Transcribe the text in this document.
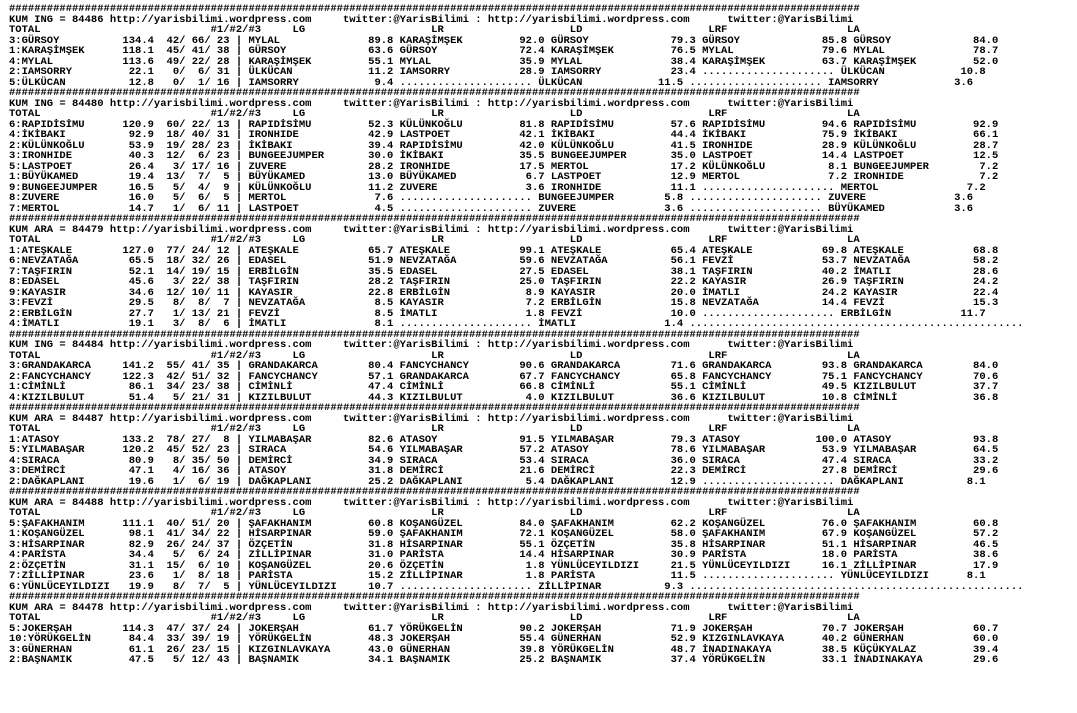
#######################################################################################################################################
KUM ING = 84486 http://yarisbilimi.wordpress.com     twitter:@YarisBilimi : http://yarisbilimi.wordpress.com      twitter:@YarisBilimi
TOTAL                           #1/#2/#3     LG                    LR                    LD                    LRF                   LA
3:GÜRSOY          134.4  42/ 66/ 23 | MYLAL              89.8 KARAŞİMŞEK         92.0 GÜRSOY             79.3 GÜRSOY             85.8 GÜRSOY             84.0
1:KARAŞİMŞEK      118.1  45/ 41/ 38 | GÜRSOY             63.6 GÜRSOY             72.4 KARAŞİMŞEK         76.5 MYLAL              79.6 MYLAL              78.7
4:MYLAL           113.6  49/ 22/ 28 | KARAŞİMŞEK         55.1 MYLAL              35.9 MYLAL              38.4 KARAŞİMŞEK         63.7 KARAŞİMŞEK         52.0
2:IAMSORRY         22.1   0/  6/ 31 | ÜLKÜCAN            11.2 IAMSORRY           28.9 IAMSORRY           23.4 ..................... ÜLKÜCAN            10.8
5:ÜLKÜCAN          12.8   0/  1/ 16 | IAMSORRY            9.4 ..................... ÜLKÜCAN            11.5 ..................... IAMSORRY            3.6
#######################################################################################################################################
KUM ING = 84480 http://yarisbilimi.wordpress.com     twitter:@YarisBilimi : http://yarisbilimi.wordpress.com      twitter:@YarisBilimi
TOTAL                           #1/#2/#3     LG                    LR                    LD                    LRF                   LA
6:RAPIDİSİMU      120.9  60/ 22/ 13 | RAPIDİSİMU         52.3 KÜLÜNKOĞLU         81.8 RAPIDİSİMU         57.6 RAPIDİSİMU         94.6 RAPIDİSİMU         92.9
4:İKİBAKI          92.9  18/ 40/ 31 | IRONHIDE           42.9 LASTPOET           42.1 İKİBAKI            44.4 İKİBAKI            75.9 İKİBAKI            66.1
2:KÜLÜNKOĞLU       53.9  19/ 28/ 23 | İKİBAKI            39.4 RAPIDİSİMU         42.0 KÜLÜNKOĞLU         41.5 IRONHIDE           28.9 KÜLÜNKOĞLU         28.7
3:IRONHIDE         40.3  12/  6/ 23 | BUNGEEJUMPER       30.0 İKİBAKI            35.5 BUNGEEJUMPER       35.0 LASTPOET           14.4 LASTPOET           12.5
5:LASTPOET         26.4   3/ 17/ 16 | ZUVERE             28.2 IRONHIDE           17.5 MERTOL             17.2 KÜLÜNKOĞLU          8.1 BUNGEEJUMPER        7.2
1:BÜYÜKAMED        19.4  13/  7/  5 | BÜYÜKAMED          13.0 BÜYÜKAMED           6.7 LASTPOET           12.9 MERTOL              7.2 IRONHIDE            7.2
9:BUNGEEJUMPER     16.5   5/  4/  9 | KÜLÜNKOĞLU         11.2 ZUVERE              3.6 IRONHIDE           11.1 ..................... MERTOL              7.2
8:ZUVERE           16.0   5/  6/  5 | MERTOL              7.6 ..................... BUNGEEJUMPER        5.8 ..................... ZUVERE              3.6
7:MERTOL           14.7   1/  6/ 11 | LASTPOET            4.5 ..................... ZUVERE              3.6 ..................... BÜYÜKAMED           3.6
#######################################################################################################################################
KUM ARA = 84479 http://yarisbilimi.wordpress.com     twitter:@YarisBilimi : http://yarisbilimi.wordpress.com      twitter:@YarisBilimi
TOTAL                           #1/#2/#3     LG                    LR                    LD                    LRF                   LA
1:ATEŞKALE        127.0  77/ 24/ 12 | ATEŞKALE           65.7 ATEŞKALE           99.1 ATEŞKALE           65.4 ATEŞKALE           69.8 ATEŞKALE           68.8
6:NEVZATAĞA        65.5  18/ 32/ 26 | EDASEL             51.9 NEVZATAĞA          59.6 NEVZATAĞA          56.1 FEVZİ              53.7 NEVZATAĞA          58.2
7:TAŞFIRIN         52.1  14/ 19/ 15 | ERBİLGİN           35.5 EDASEL             27.5 EDASEL             38.1 TAŞFIRIN           40.2 İMATLI             28.6
8:EDASEL           45.6   3/ 22/ 38 | TAŞFIRIN           28.2 TAŞFIRIN           25.0 TAŞFIRIN           22.2 KAYASIR            26.9 TAŞFIRIN           24.2
9:KAYASIR          34.6  12/ 10/ 11 | KAYASIR            22.8 ERBİLGİN            8.9 KAYASIR            20.0 İMATLI             24.2 KAYASIR            22.4
3:FEVZİ            29.5   8/  8/  7 | NEVZATAĞA           8.5 KAYASIR             7.2 ERBİLGİN           15.8 NEVZATAĞA          14.4 FEVZİ              15.3
2:ERBİLGİN         27.7   1/ 13/ 21 | FEVZİ               8.5 İMATLI              1.8 FEVZİ              10.0 ..................... ERBİLGİN           11.7
4:İMATLI           19.1   3/  8/  6 | İMATLI              8.1 ..................... İMATLI              1.4 .....................................................
#######################################################################################################################################
KUM ING = 84484 http://yarisbilimi.wordpress.com     twitter:@YarisBilimi : http://yarisbilimi.wordpress.com      twitter:@YarisBilimi
TOTAL                           #1/#2/#3     LG                    LR                    LD                    LRF                   LA
3:GRANDAKARCA     141.2  55/ 41/ 35 | GRANDAKARCA        80.4 FANCYCHANCY        90.6 GRANDAKARCA        71.6 GRANDAKARCA        93.8 GRANDAKARCA        84.0
2:FANCYCHANCY     122.3  42/ 51/ 32 | FANCYCHANCY        57.1 GRANDAKARCA        67.7 FANCYCHANCY        65.8 FANCYCHANCY        75.1 FANCYCHANCY        70.6
1:CİMİNLİ          86.1  34/ 23/ 38 | CİMİNLİ            47.4 CİMİNLİ            66.8 CİMİNLİ            55.1 CİMİNLİ            49.5 KIZILBULUT         37.7
4:KIZILBULUT       51.4   5/ 21/ 31 | KIZILBULUT         44.3 KIZILBULUT          4.0 KIZILBULUT         36.6 KIZILBULUT         10.8 CİMİNLİ            36.8
#######################################################################################################################################
KUM ARA = 84487 http://yarisbilimi.wordpress.com     twitter:@YarisBilimi : http://yarisbilimi.wordpress.com      twitter:@YarisBilimi
TOTAL                           #1/#2/#3     LG                    LR                    LD                    LRF                   LA
1:ATASOY          133.2  78/ 27/  8 | YILMABAŞAR         82.6 ATASOY             91.5 YILMABAŞAR         79.3 ATASOY            100.0 ATASOY             93.8
5:YILMABAŞAR      120.2  45/ 52/ 23 | SIRACA             54.6 YILMABAŞAR         57.2 ATASOY             78.6 YILMABAŞAR         53.9 YILMABAŞAR         64.5
4:SIRACA           80.9   8/ 35/ 50 | DEMİRCİ            34.9 SIRACA             53.4 SIRACA             36.0 SIRACA             47.4 SIRACA             33.2
3:DEMİRCİ          47.1   4/ 16/ 36 | ATASOY             31.8 DEMİRCİ            21.6 DEMİRCİ            22.3 DEMİRCİ            27.8 DEMİRCİ            29.6
2:DAĞKAPLANI       19.6   1/  6/ 19 | DAĞKAPLANI         25.2 DAĞKAPLANI          5.4 DAĞKAPLANI         12.9 ..................... DAĞKAPLANI          8.1
#######################################################################################################################################
KUM ARA = 84488 http://yarisbilimi.wordpress.com     twitter:@YarisBilimi : http://yarisbilimi.wordpress.com      twitter:@YarisBilimi
TOTAL                           #1/#2/#3     LG                    LR                    LD                    LRF                   LA
5:ŞAFAKHANIM      111.1  40/ 51/ 20 | ŞAFAKHANIM         60.8 KOŞANGÜZEL         84.0 ŞAFAKHANIM         62.2 KOŞANGÜZEL         76.0 ŞAFAKHANIM         60.8
1:KOŞANGÜZEL       98.1  41/ 34/ 22 | HİSARPINAR         59.0 ŞAFAKHANIM         72.1 KOŞANGÜZEL         58.0 ŞAFAKHANIM         67.9 KOŞANGÜZEL         57.2
3:HİSARPINAR       82.9  26/ 24/ 37 | ÖZÇETİN            31.8 HİSARPINAR         55.1 ÖZÇETİN            35.8 HİSARPINAR         51.1 HİSARPINAR         46.5
4:PARİSTA          34.4   5/  6/ 24 | ZİLLİPINAR         31.0 PARİSTA            14.4 HİSARPINAR         30.9 PARİSTA            18.0 PARİSTA            38.6
2:ÖZÇETİN          31.1  15/  6/ 10 | KOŞANGÜZEL         20.6 ÖZÇETİN             1.8 YÜNLÜCEYILDIZI     21.5 YÜNLÜCEYILDIZI     16.1 ZİLLİPINAR         17.9
7:ZİLLİPINAR       23.6   1/  8/ 18 | PARİSTA            15.2 ZİLLİPINAR          1.8 PARİSTA            11.5 ..................... YÜNLÜCEYILDIZI      8.1
6:YÜNLÜCEYILDIZI   19.9   8/  7/  5 | YÜNLÜCEYILDIZI     10.7 ..................... ZİLLİPINAR          9.3 .....................................................
#######################################################################################################################################
KUM ARA = 84478 http://yarisbilimi.wordpress.com     twitter:@YarisBilimi : http://yarisbilimi.wordpress.com      twitter:@YarisBilimi
TOTAL                           #1/#2/#3     LG                    LR                    LD                    LRF                   LA
5:JOKERŞAH        114.3  47/ 37/ 24 | JOKERŞAH           61.7 YÖRÜKGELİN         90.2 JOKERŞAH           71.9 JOKERŞAH           70.7 JOKERŞAH           60.7
10:YÖRÜKGELİN      84.4  33/ 39/ 19 | YÖRÜKGELİN         48.3 JOKERŞAH           55.4 GÜNERHAN           52.9 KIZGINLAVKAYA      40.2 GÜNERHAN           60.0
3:GÜNERHAN         61.1  26/ 23/ 15 | KIZGINLAVKAYA      43.0 GÜNERHAN           39.8 YÖRÜKGELİN         48.7 İNADINAKAYA        38.5 KÜÇÜKYALAZ         39.4
2:BAŞNAMIK         47.5   5/ 12/ 43 | BAŞNAMIK           34.1 BAŞNAMIK           25.2 BAŞNAMIK           37.4 YÖRÜKGELİN         33.1 İNADINAKAYA        29.6
